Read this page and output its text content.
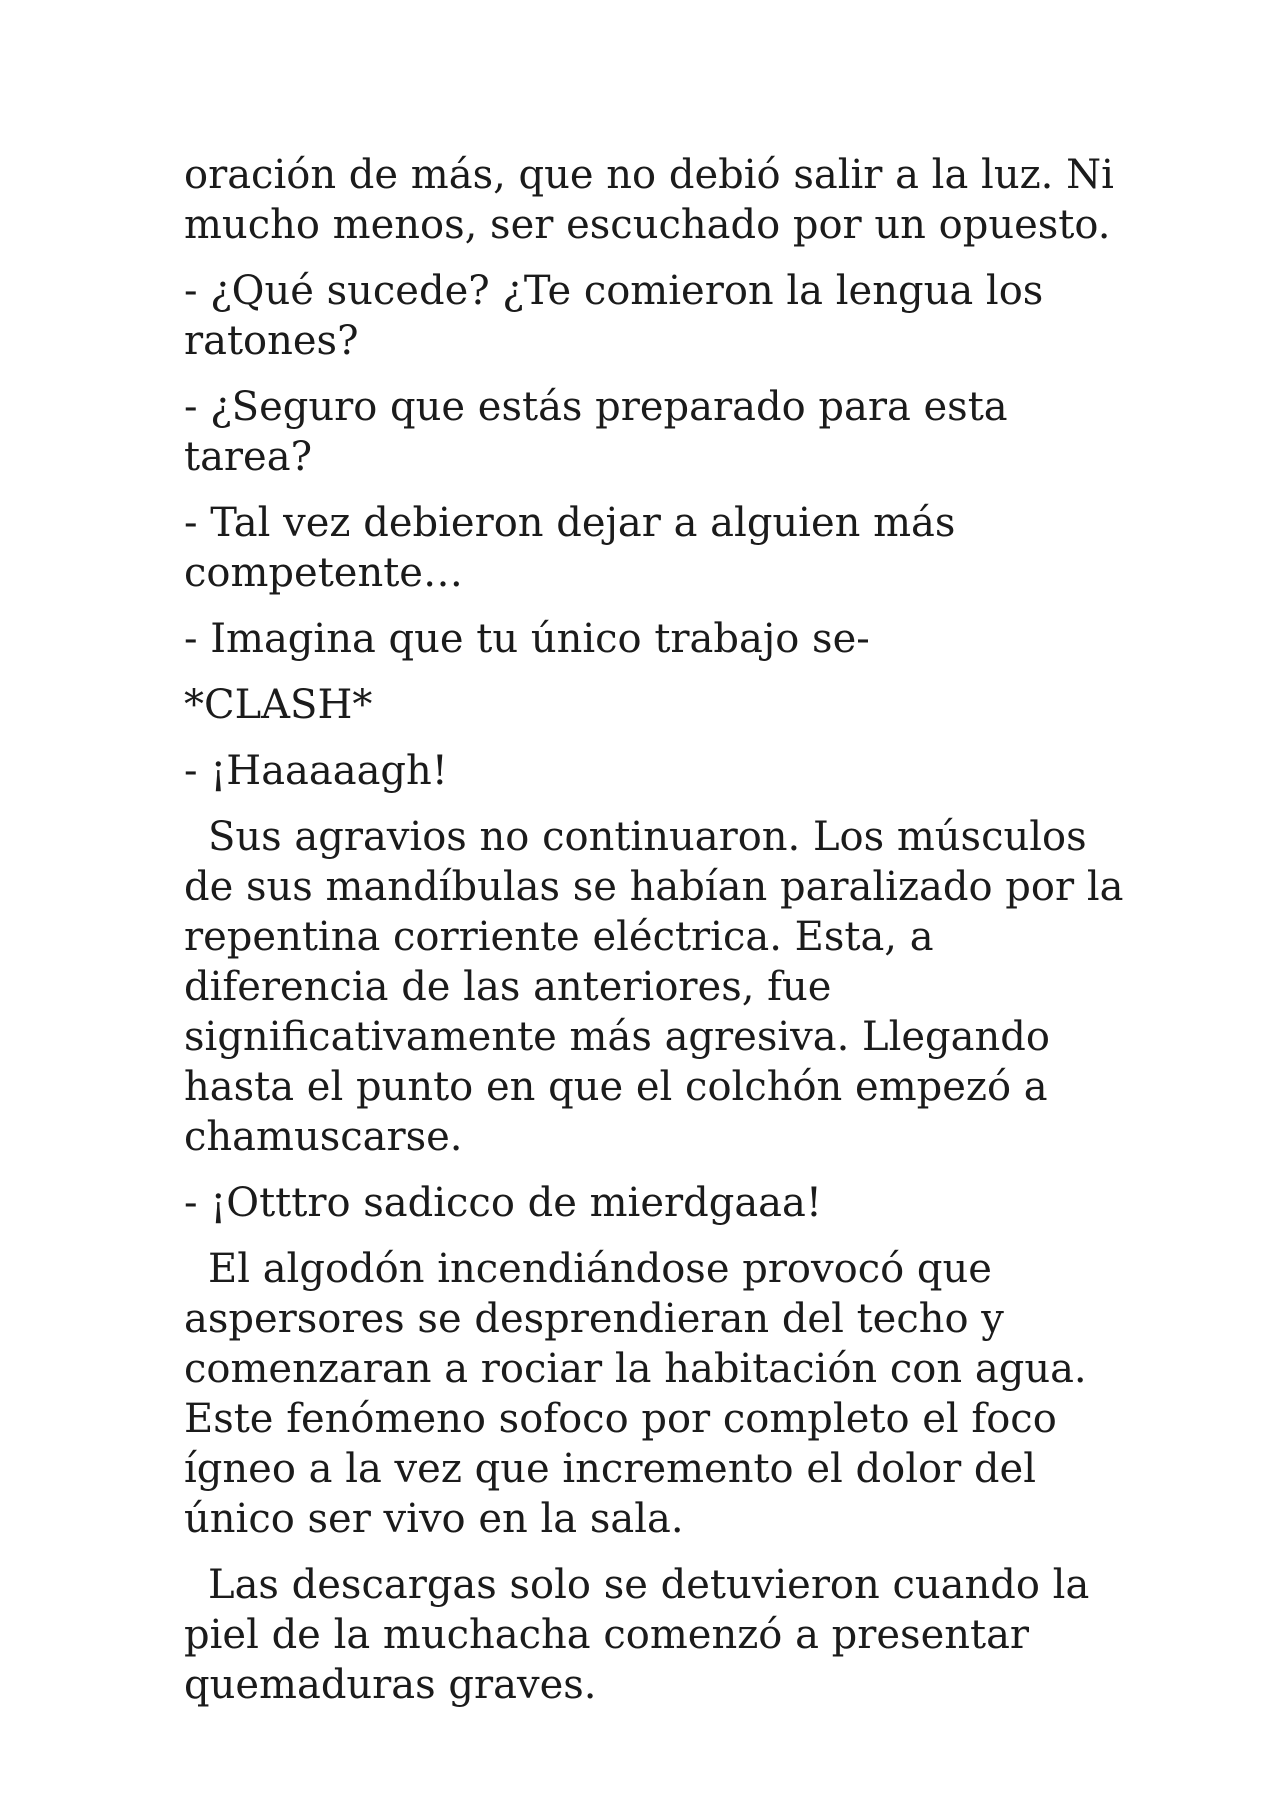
oración de más, que no debió salir a la luz. Ni mucho menos, ser escuchado por un opuesto.

- ¿Qué sucede? ¿Te comieron la lengua los ratones?

- ¿Seguro que estás preparado para esta tarea?

- Tal vez debieron dejar a alguien más competente…

- Imagina que tu único trabajo se-

*CLASH*

- ¡Haaaaagh!

Sus agravios no continuaron. Los músculos de sus mandíbulas se habían paralizado por la repentina corriente eléctrica. Esta, a diferencia de las anteriores, fue significativamente más agresiva. Llegando hasta el punto en que el colchón empezó a chamuscarse.

- ¡Otttro sadicco de mierdgaaa!

El algodón incendiándose provocó que aspersores se desprendieran del techo y comenzaran a rociar la habitación con agua. Este fenómeno sofoco por completo el foco ígneo a la vez que incremento el dolor del único ser vivo en la sala.

Las descargas solo se detuvieron cuando la piel de la muchacha comenzó a presentar quemaduras graves.
